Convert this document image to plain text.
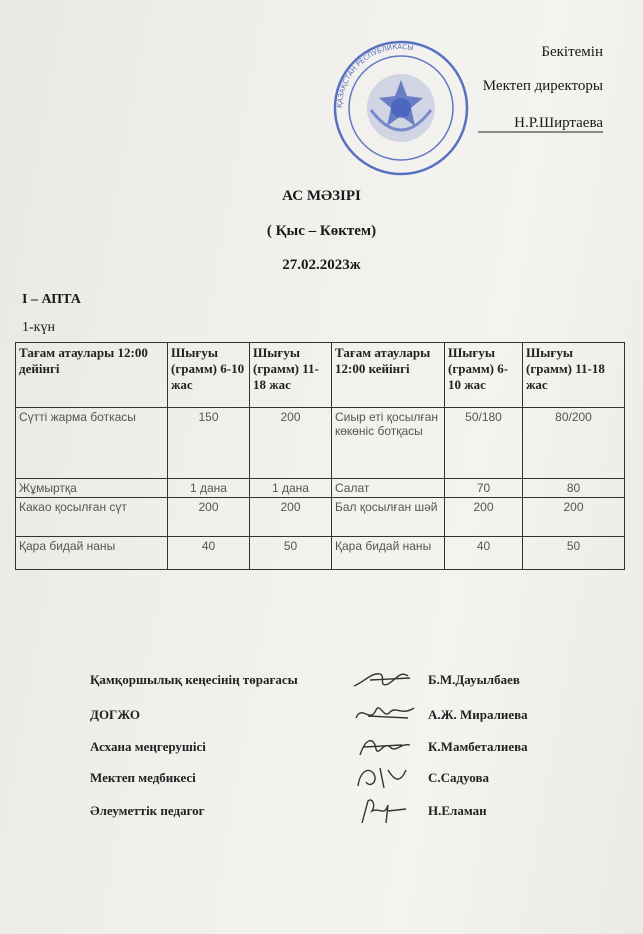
Бекітемін
Мектеп директоры
Н.Р.Ширтаева
ҚАЗАҚСТАН РЕСПУБЛИКАСЫ
АС МӘЗІРІ
( Қыс – Көктем)
27.02.2023ж
I – АПТА
1-күн
Тағам атаулары 12:00 дейінгі	Шығуы (грамм) 6-10 жас	Шығуы (грамм) 11-18 жас	Тағам атаулары 12:00 кейінгі	Шығуы (грамм) 6-10 жас	Шығуы (грамм) 11-18 жас
Сүтті жарма боткасы	150	200	Сиыр еті қосылған көкөніс ботқасы	50/180	80/200
Жұмыртқа	1 дана	1 дана	Салат	70	80
Какао қосылған сүт	200	200	Бал қосылған шәй	200	200
Қара бидай наны	40	50	Қара бидай наны	40	50
Қамқоршылық кеңесінің төрағасы	Б.М.Дауылбаев
ДОГЖО	А.Ж. Миралиева
Асхана меңгерушісі	К.Мамбеталиева
Мектеп медбикесі	С.Садуова
Әлеуметтік педагог	Н.Еламан
